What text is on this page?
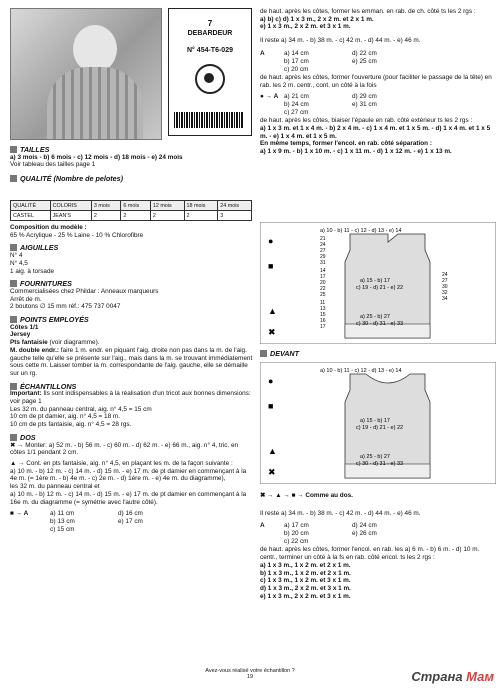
7
DEBARDEUR
N° 454-T6-029
TAILLES
a) 3 mois - b) 6 mois - c) 12 mois - d) 18 mois - e) 24 mois
Voir tableau des tailles page 1
QUALITÉ (Nombre de pelotes)
QUALITÉ	COLORIS	3 mois	6 mois	12 mois	18 mois	24 mois
CASTEL	JEAN'S	2	2	2	2	3
Composition du modèle :
65 % Acrylique - 25 % Laine - 10 % Chlorofibre
AIGUILLES
N° 4
N° 4,5
1 aig. à torsade
FOURNITURES
Commercialisées chez Phildar : Anneaux marqueurs
Arrêt de m.
2 boutons ∅ 15 mm réf.: 475 737 0047
POINTS EMPLOYÉS
Côtes 1/1
Jersey
Pts fantaisie (voir diagramme).
M. double endr.: faire 1 m. endr. en piquant l'aig. droite non pas dans la m. de l'aig. gauche telle qu'elle se présente sur l'aig., mais dans la m. se trouvant immédiatement sous cette m. Laisser tomber la m. correspondante de l'aig. gauche, elle se démaille sur un rg.
ÉCHANTILLONS
Important: Ils sont indispensables à la réalisation d'un tricot aux bonnes dimensions: voir page 1
Les 32 m. du panneau central, aig. n° 4,5 = 15 cm
10 cm de pt damier, aig. n° 4,5 = 18 m.
10 cm de pts fantaisie, aig. n° 4,5 = 28 rgs.
DOS
✖ → Monter: a) 52 m. - b) 56 m. - c) 60 m. - d) 62 m. - e) 66 m., aig. n° 4, tric. en côtes 1/1 pendant 2 cm.
▲ → Cont. en pts fantaisie, aig. n° 4,5, en plaçant les m. de la façon suivante :
a) 10 m. - b) 12 m. - c) 14 m. - d) 15 m. - e) 17 m. de pt damier en commençant à la 4e m. (= 1ère m. - b) 4e m. - c) 2e m. - d) 1ère m. - e) 4e m. du diagramme),
les 32 m. du panneau central et
a) 10 m. - b) 12 m. - c) 14 m. - d) 15 m. - e) 17 m. de pt damier en commençant à la 16e m. du diagramme (= symétrie avec l'autre côté).
■ → A	a) 11 cm	d) 16 cm
b) 13 cm	e) 17 cm
c) 15 cm
de haut. après les côtes, former les emman. en rab. de ch. côté ts les 2 rgs :
a) b) c) d) 1 x 3 m., 2 x 2 m. et 2 x 1 m.
e) 1 x 3 m., 2 x 2 m. et 3 x 1 m.
Il reste a) 34 m. - b) 38 m. - c) 42 m. - d) 44 m. - e) 46 m.
A	a) 14 cm	d) 22 cm
b) 17 cm	e) 25 cm
c) 20 cm
de haut. après les côtes, former l'ouverture (pour faciliter le passage de la tête) en rab. les 2 m. centr., cont. un côté à la fois
● → A a) 21 cm	d) 29 cm
b) 24 cm	e) 31 cm
c) 27 cm
de haut. après les côtes, biaiser l'épaule en rab. côté extérieur ts les 2 rgs :
a) 1 x 3 m. et 1 x 4 m. - b) 2 x 4 m. - c) 1 x 4 m. et 1 x 5 m. - d) 1 x 4 m. et 1 x 5 m. - e) 1 x 4 m. et 1 x 5 m.
En même temps, former l'encol. en rab. côté séparation :
a) 1 x 9 m. - b) 1 x 10 m. - c) 1 x 11 m. - d) 1 x 12 m. - e) 1 x 13 m.
●
■
▲
✖
a) 10 - b) 11 - c) 12 - d) 13 - e) 14
a) 15 - b) 17
c) 19 - d) 21 - e) 22
a) 25 - b) 27
c) 30 - d) 31 - e) 33
21
24
27
29
31
14
17
20
22
25
11
13
15
16
17
24
27
30
32
34
DEVANT
●
■
▲
✖
a) 10 - b) 11 - c) 12 - d) 13 - e) 14
a) 15 - b) 17
c) 19 - d) 21 - e) 22
a) 25 - b) 27
c) 30 - d) 31 - e) 33
✖ → ▲ → ■ → Comme au dos.
Il reste a) 34 m. - b) 38 m. - c) 42 m. - d) 44 m. - e) 46 m.
A	a) 17 cm	d) 24 cm
b) 20 cm	e) 26 cm
c) 22 cm
de haut. après les côtes, former l'encol. en rab. les a) 6 m. - b) 6 m. - d) 10 m. centr., terminer un côté à la fs en rab. côté encol. ts les 2 rgs :
a) 1 x 3 m., 1 x 2 m. et 2 x 1 m.
b) 1 x 3 m., 1 x 2 m. et 2 x 1 m.
c) 1 x 3 m., 1 x 2 m. et 3 x 1 m.
d) 1 x 3 m., 2 x 2 m. et 3 x 1 m.
e) 1 x 3 m., 2 x 2 m. et 3 x 1 m.
Avez-vous réalisé votre échantillon ?
19	Страна Мам
